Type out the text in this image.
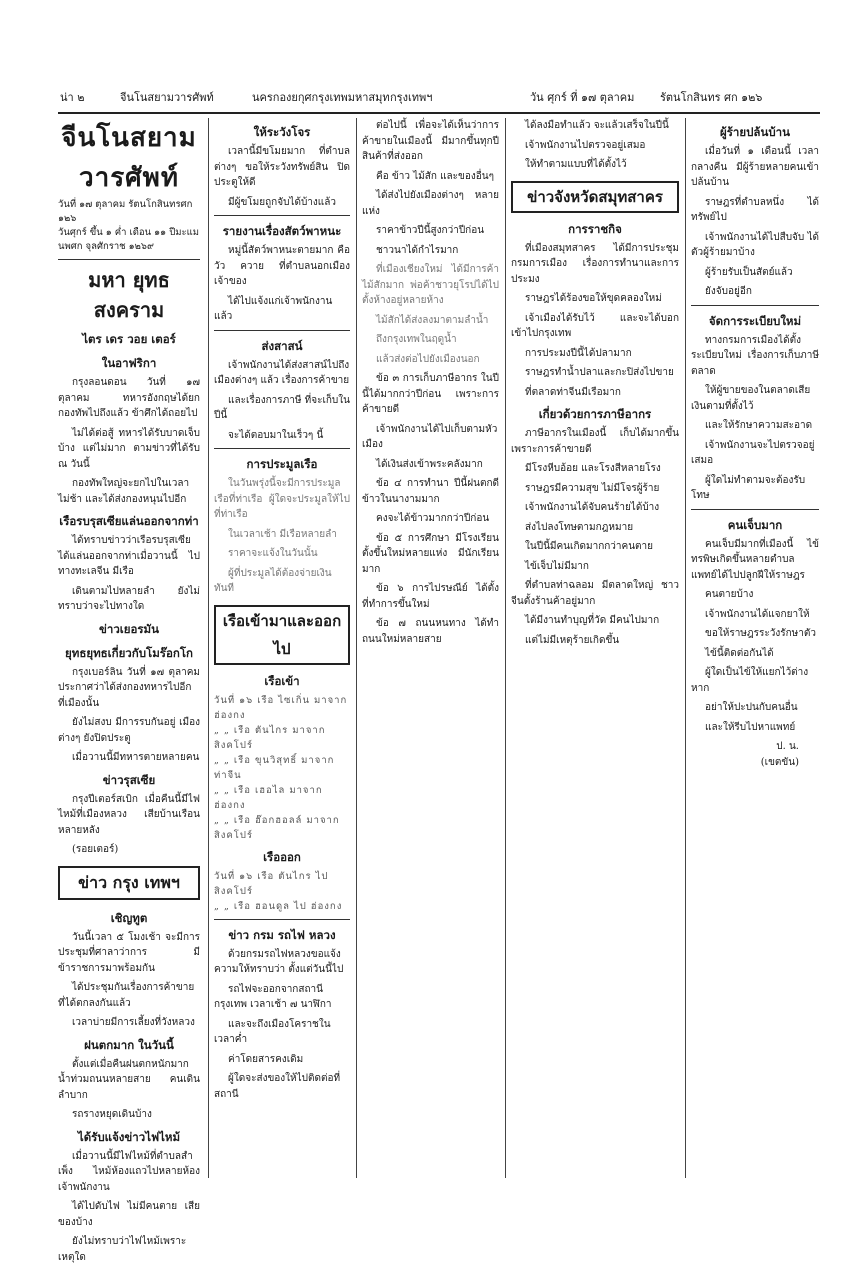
น่า ๒	จีนโนสยามวารศัพท์	นครกองยกุศกรุงเทพมหาสมุท กรุงเทพฯ	วัน ศุกร์ ที่ ๑๗ ตุลาคม รัตนโกสินทร ศก ๑๒๖
จีนโนสยามวารศัพท์
วันที่ ๑๗ ตุลาคม รัตนโกสินทรศก ๑๒๖
วันศุกร์ ขึ้น ๑ ค่ำ เดือน ๑๑ ปีมะแม
นพศก จุลศักราช ๑๒๖๙
มหา ยุทธสงคราม
ไตร เดร วอย เตอร์
ในอาฟริกา

กรุงลอนดอน วันที่ ๑๗ ตุลาคม ทหารอังกฤษได้ยกกองทัพไปถึงแล้ว ข้าศึกได้ถอยไป

ไม่ได้ต่อสู้ ทหารได้รับบาดเจ็บบ้าง แต่ไม่มาก ตามข่าวที่ได้รับ ณ วันนี้

กองทัพใหญ่จะยกไปในเวลาไม่ช้า และได้ส่งกองหนุนไปอีก

เรือรบรุสเซียแล่นออกจากท่า

ได้ทราบข่าวว่าเรือรบรุสเซียได้แล่นออกจากท่าเมื่อวานนี้ ไปทางทะเลจีน มีเรือ

เดินตามไปหลายลำ ยังไม่ทราบว่าจะไปทางใด

ข่าวเยอรมัน
ยุทธยุทธเกี่ยวกับโมร๊อกโก

กรุงเบอร์ลิน วันที่ ๑๗ ตุลาคม ประกาศว่าได้ส่งกองทหารไปอีก ที่เมืองนั้น

ยังไม่สงบ มีการรบกันอยู่ เมืองต่างๆ ยังปิดประตู

เมื่อวานนี้มีทหารตายหลายคน

ข่าวรุสเซีย

กรุงปีเตอร์สเบิก เมื่อคืนนี้มีไฟไหม้ที่เมืองหลวง เสียบ้านเรือนหลายหลัง

(รอยเตอร์)

ข่าว กรุง เทพฯ
เชิญทูต

วันนี้เวลา ๕ โมงเช้า จะมีการประชุมที่ศาลาว่าการ มีข้าราชการมาพร้อมกัน

ได้ประชุมกันเรื่องการค้าขาย ที่ได้ตกลงกันแล้ว

เวลาบ่ายมีการเลี้ยงที่วังหลวง

ฝนตกมาก ในวันนี้

ตั้งแต่เมื่อคืนฝนตกหนักมาก น้ำท่วมถนนหลายสาย คนเดินลำบาก

รถรางหยุดเดินบ้าง

ได้รับแจ้งข่าวไฟไหม้

เมื่อวานนี้มีไฟไหม้ที่ตำบลสำเพ็ง ไหม้ห้องแถวไปหลายห้อง เจ้าพนักงาน

ได้ไปดับไฟ ไม่มีคนตาย เสียของบ้าง

ยังไม่ทราบว่าไฟไหม้เพราะเหตุใด

ให้ระวังโจร

เวลานี้มีขโมยมาก ที่ตำบลต่างๆ ขอให้ระวังทรัพย์สิน ปิดประตูให้ดี

มีผู้ขโมยถูกจับได้บ้างแล้ว

รายงานเรื่องสัตว์พาหนะ

หมู่นี้สัตว์พาหนะตายมาก คือ วัว ควาย ที่ตำบลนอกเมือง เจ้าของ

ได้ไปแจ้งแก่เจ้าพนักงานแล้ว

ส่งสาสน์

เจ้าพนักงานได้ส่งสาสน์ไปถึงเมืองต่างๆ แล้ว เรื่องการค้าขาย

และเรื่องการภาษี ที่จะเก็บในปีนี้

จะได้ตอบมาในเร็วๆ นี้

การประมูลเรือ

ในวันพรุ่งนี้จะมีการประมูลเรือที่ท่าเรือ ผู้ใดจะประมูลให้ไปที่ท่าเรือ

ในเวลาเช้า มีเรือหลายลำ

ราคาจะแจ้งในวันนั้น

ผู้ที่ประมูลได้ต้องจ่ายเงินทันที

เรือเข้ามาและออกไป
เรือเข้า
วันที่ ๑๖ เรือ ไซเกิ่น มาจาก ฮ่องกง
„ „ เรือ ตันไกร มาจาก สิงคโปร์
„ „ เรือ ขุนวิสุทธิ์ มาจาก ท่าจีน
„ „ เรือ เฮอไล มาจาก ฮ่องกง
„ „ เรือ ฮ๊อกฮอลล์ มาจาก สิงคโปร์
เรือออก
วันที่ ๑๖ เรือ ตันไกร ไป สิงคโปร์
„ „ เรือ ฮอนดูล ไป ฮ่องกง
ข่าว กรม รถไฟ หลวง

ด้วยกรมรถไฟหลวงขอแจ้งความให้ทราบว่า ตั้งแต่วันนี้ไป

รถไฟจะออกจากสถานีกรุงเทพ เวลาเช้า ๗ นาฬิกา

และจะถึงเมืองโคราชในเวลาค่ำ

ค่าโดยสารคงเดิม

ผู้ใดจะส่งของให้ไปติดต่อที่สถานี

ต่อไปนี้ เพื่อจะได้เห็นว่าการค้าขายในเมืองนี้ มีมากขึ้นทุกปี สินค้าที่ส่งออก

คือ ข้าว ไม้สัก และของอื่นๆ

ได้ส่งไปยังเมืองต่างๆ หลายแห่ง

ราคาข้าวปีนี้สูงกว่าปีก่อน

ชาวนาได้กำไรมาก

ที่เมืองเชียงใหม่ ได้มีการค้าไม้สักมาก พ่อค้าชาวยุโรปได้ไปตั้งห้างอยู่หลายห้าง

ไม้สักได้ส่งลงมาตามลำน้ำ

ถึงกรุงเทพในฤดูน้ำ

แล้วส่งต่อไปยังเมืองนอก

ข้อ ๓ การเก็บภาษีอากร ในปีนี้ได้มากกว่าปีก่อน เพราะการค้าขายดี

เจ้าพนักงานได้ไปเก็บตามหัวเมือง

ได้เงินส่งเข้าพระคลังมาก

ข้อ ๔ การทำนา ปีนี้ฝนตกดี ข้าวในนางามมาก

คงจะได้ข้าวมากกว่าปีก่อน

ข้อ ๕ การศึกษา มีโรงเรียนตั้งขึ้นใหม่หลายแห่ง มีนักเรียนมาก

ข้อ ๖ การไปรษณีย์ ได้ตั้งที่ทำการขึ้นใหม่

ข้อ ๗ ถนนหนทาง ได้ทำถนนใหม่หลายสาย

ได้ลงมือทำแล้ว จะแล้วเสร็จในปีนี้

เจ้าพนักงานไปตรวจอยู่เสมอ

ให้ทำตามแบบที่ได้ตั้งไว้

ข่าวจังหวัดสมุทสาคร
การราชกิจ

ที่เมืองสมุทสาคร ได้มีการประชุมกรมการเมือง เรื่องการทำนาและการประมง

ราษฎรได้ร้องขอให้ขุดคลองใหม่

เจ้าเมืองได้รับไว้ และจะได้บอกเข้าไปกรุงเทพ

การประมงปีนี้ได้ปลามาก

ราษฎรทำน้ำปลาและกะปิส่งไปขาย

ที่ตลาดท่าจีนมีเรือมาก

เกี่ยวด้วยการภาษีอากร

ภาษีอากรในเมืองนี้ เก็บได้มากขึ้น เพราะการค้าขายดี

มีโรงหีบอ้อย และโรงสีหลายโรง

ราษฎรมีความสุข ไม่มีโจรผู้ร้าย

เจ้าพนักงานได้จับคนร้ายได้บ้าง

ส่งไปลงโทษตามกฎหมาย

ในปีนี้มีคนเกิดมากกว่าคนตาย

ไข้เจ็บไม่มีมาก

ที่ตำบลท่าฉลอม มีตลาดใหญ่ ชาวจีนตั้งร้านค้าอยู่มาก

ได้มีงานทำบุญที่วัด มีคนไปมาก

แต่ไม่มีเหตุร้ายเกิดขึ้น

ผู้ร้ายปล้นบ้าน

เมื่อวันที่ ๑ เดือนนี้ เวลากลางคืน มีผู้ร้ายหลายคนเข้าปล้นบ้าน

ราษฎรที่ตำบลหนึ่ง ได้ทรัพย์ไป

เจ้าพนักงานได้ไปสืบจับ ได้ตัวผู้ร้ายมาบ้าง

ผู้ร้ายรับเป็นสัตย์แล้ว

ยังจับอยู่อีก

จัดการระเบียบใหม่

ทางกรมการเมืองได้ตั้งระเบียบใหม่ เรื่องการเก็บภาษีตลาด

ให้ผู้ขายของในตลาดเสียเงินตามที่ตั้งไว้

และให้รักษาความสะอาด

เจ้าพนักงานจะไปตรวจอยู่เสมอ

ผู้ใดไม่ทำตามจะต้องรับโทษ

คนเจ็บมาก

คนเจ็บมีมากที่เมืองนี้ ไข้ทรพิษเกิดขึ้นหลายตำบล แพทย์ได้ไปปลูกฝีให้ราษฎร

คนตายบ้าง

เจ้าพนักงานได้แจกยาให้

ขอให้ราษฎรระวังรักษาตัว

ไข้นี้ติดต่อกันได้

ผู้ใดเป็นไข้ให้แยกไว้ต่างหาก

อย่าให้ปะปนกับคนอื่น

และให้รีบไปหาแพทย์

ป. น.
(เขตขัน)
